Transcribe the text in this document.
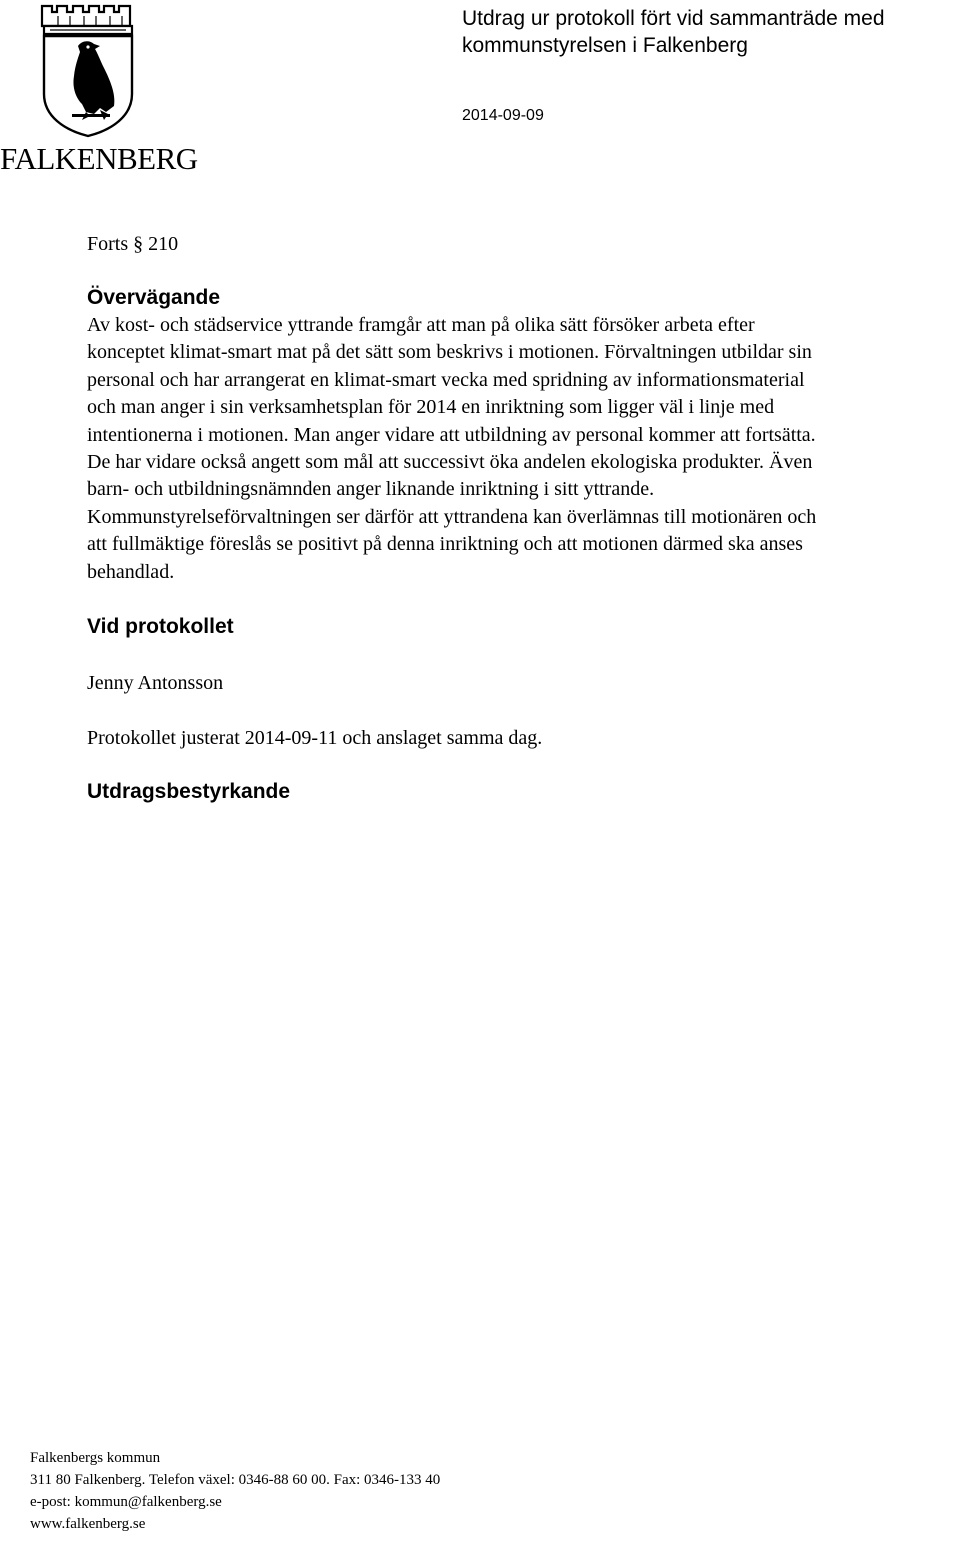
FALKENBERG
Utdrag ur protokoll fört vid sammanträde med
kommunstyrelsen i Falkenberg
2014-09-09
Forts § 210
Övervägande
Av kost- och städservice yttrande framgår att man på olika sätt försöker arbeta efter
konceptet klimat-smart mat på det sätt som beskrivs i motionen. Förvaltningen utbildar sin
personal och har arrangerat en klimat-smart vecka med spridning av informationsmaterial
och man anger i sin verksamhetsplan för 2014 en inriktning som ligger väl i linje med
intentionerna i motionen. Man anger vidare att utbildning av personal kommer att fortsätta.
De har vidare också angett som mål att successivt öka andelen ekologiska produkter. Även
barn- och utbildningsnämnden anger liknande inriktning i sitt yttrande.
Kommunstyrelseförvaltningen ser därför att yttrandena kan överlämnas till motionären och
att fullmäktige föreslås se positivt på denna inriktning och att motionen därmed ska anses
behandlad.
Vid protokollet
Jenny Antonsson
Protokollet justerat 2014-09-11 och anslaget samma dag.
Utdragsbestyrkande
Falkenbergs kommun
311 80 Falkenberg. Telefon växel: 0346-88 60 00. Fax: 0346-133 40
e-post: kommun@falkenberg.se
www.falkenberg.se
